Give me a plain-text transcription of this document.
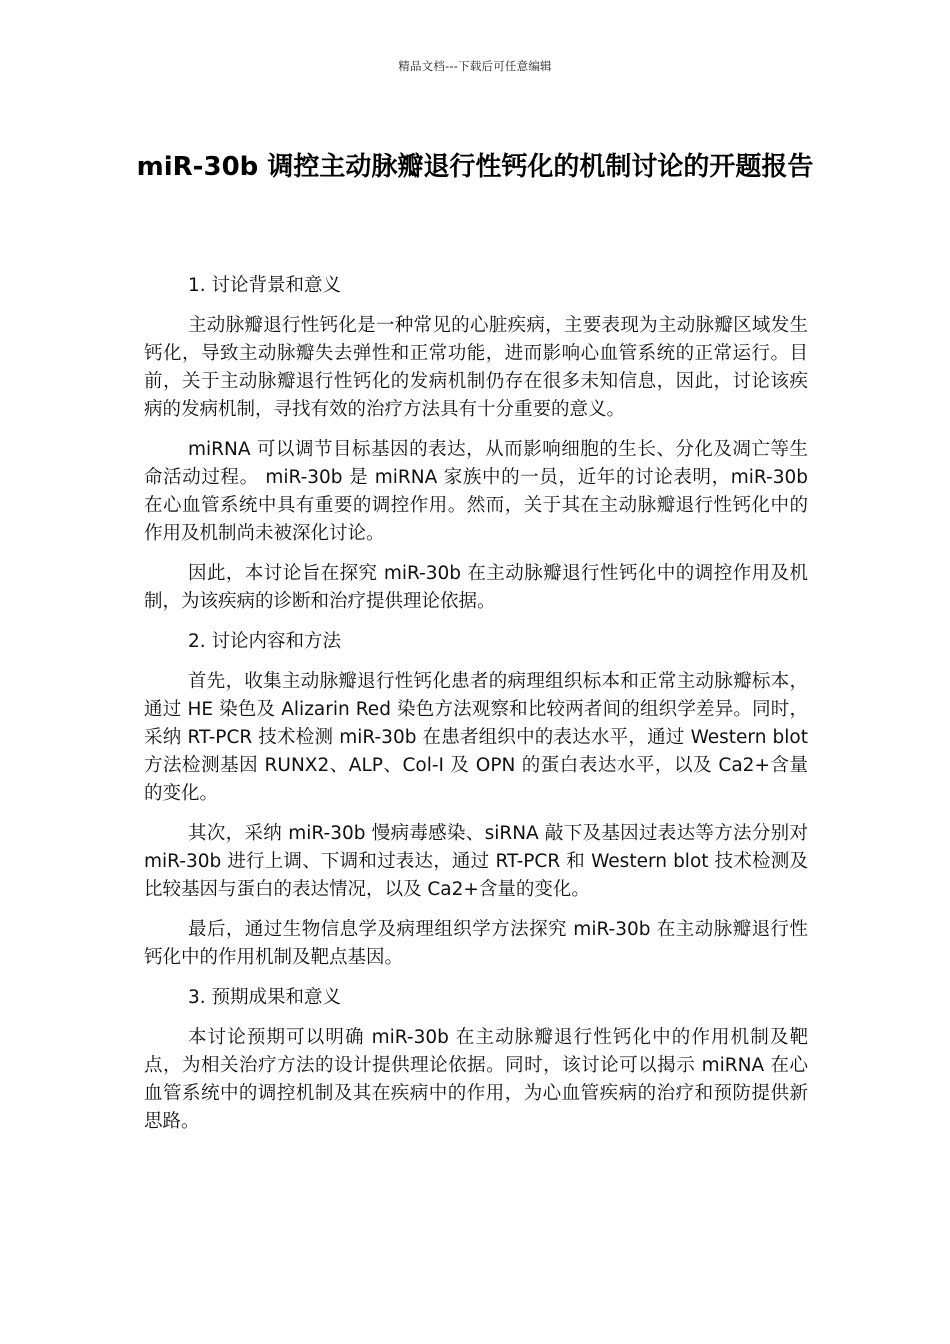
精品文档---下载后可任意编辑
miR-30b 调控主动脉瓣退行性钙化的机制讨论的开题报告
1. 讨论背景和意义

主动脉瓣退行性钙化是一种常见的心脏疾病，主要表现为主动脉瓣区域发生钙化，导致主动脉瓣失去弹性和正常功能，进而影响心血管系统的正常运行。目前，关于主动脉瓣退行性钙化的发病机制仍存在很多未知信息，因此，讨论该疾病的发病机制，寻找有效的治疗方法具有十分重要的意义。

miRNA 可以调节目标基因的表达，从而影响细胞的生长、分化及凋亡等生命活动过程。 miR-30b 是 miRNA 家族中的一员，近年的讨论表明，miR-30b 在心血管系统中具有重要的调控作用。然而，关于其在主动脉瓣退行性钙化中的作用及机制尚未被深化讨论。

因此，本讨论旨在探究 miR-30b 在主动脉瓣退行性钙化中的调控作用及机制，为该疾病的诊断和治疗提供理论依据。

2. 讨论内容和方法

首先，收集主动脉瓣退行性钙化患者的病理组织标本和正常主动脉瓣标本，通过 HE 染色及 Alizarin Red 染色方法观察和比较两者间的组织学差异。同时，采纳 RT-PCR 技术检测 miR-30b 在患者组织中的表达水平，通过 Western blot 方法检测基因 RUNX2、ALP、Col-I 及 OPN 的蛋白表达水平，以及 Ca2+含量的变化。

其次，采纳 miR-30b 慢病毒感染、siRNA 敲下及基因过表达等方法分别对 miR-30b 进行上调、下调和过表达，通过 RT-PCR 和 Western blot 技术检测及比较基因与蛋白的表达情况，以及 Ca2+含量的变化。

最后，通过生物信息学及病理组织学方法探究 miR-30b 在主动脉瓣退行性钙化中的作用机制及靶点基因。

3. 预期成果和意义

本讨论预期可以明确 miR-30b 在主动脉瓣退行性钙化中的作用机制及靶点，为相关治疗方法的设计提供理论依据。同时，该讨论可以揭示 miRNA 在心血管系统中的调控机制及其在疾病中的作用，为心血管疾病的治疗和预防提供新思路。
